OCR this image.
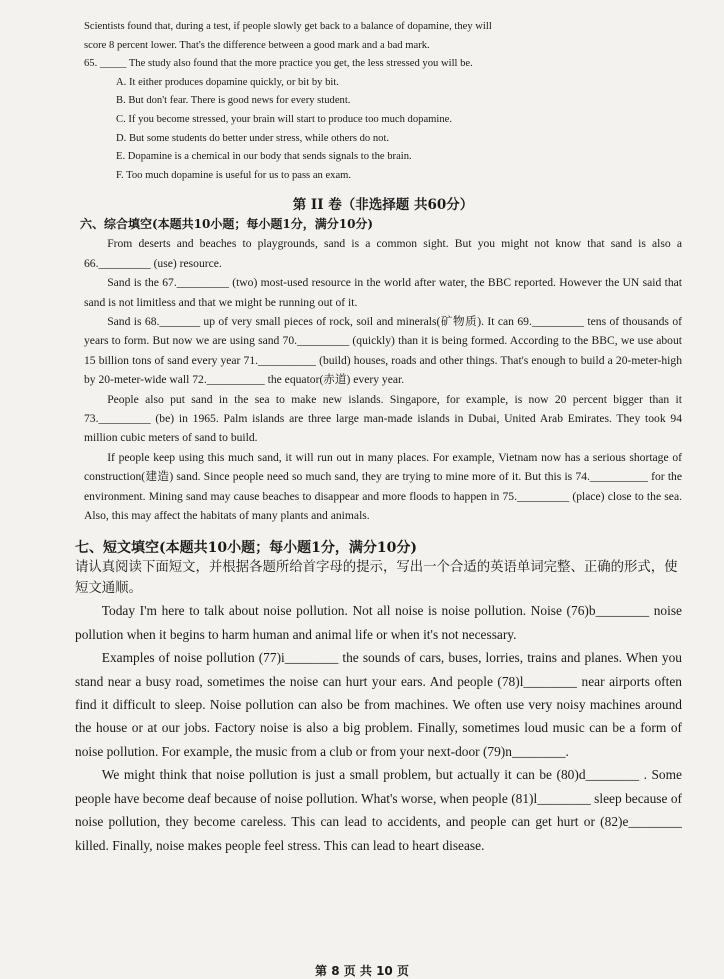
Scientists found that, during a test, if people slowly get back to a balance of dopamine, they will

score 8 percent lower. That's the difference between a good mark and a bad mark.

65. _____ The study also found that the more practice you get, the less stressed you will be.

A. It either produces dopamine quickly, or bit by bit.

B. But don't fear. There is good news for every student.

C. If you become stressed, your brain will start to produce too much dopamine.

D. But some students do better under stress, while others do not.

E. Dopamine is a chemical in our body that sends signals to the brain.

F. Too much dopamine is useful for us to pass an exam.

第 II 卷（非选择题 共60分）
六、综合填空(本题共10小题；每小题1分，满分10分)

From deserts and beaches to playgrounds, sand is a common sight. But you might not know that sand is also a 66._________ (use) resource.

Sand is the 67._________ (two) most-used resource in the world after water, the BBC reported. However the UN said that sand is not limitless and that we might be running out of it.

Sand is 68._______ up of very small pieces of rock, soil and minerals(矿物质). It can 69._________ tens of thousands of years to form. But now we are using sand 70._________ (quickly) than it is being formed. According to the BBC, we use about 15 billion tons of sand every year 71.__________ (build) houses, roads and other things. That's enough to build a 20-meter-high by 20-meter-wide wall 72.__________ the equator(赤道) every year.

People also put sand in the sea to make new islands. Singapore, for example, is now 20 percent bigger than it 73._________ (be) in 1965. Palm islands are three large man-made islands in Dubai, United Arab Emirates. They took 94 million cubic meters of sand to build.

If people keep using this much sand, it will run out in many places. For example, Vietnam now has a serious shortage of construction(建造) sand. Since people need so much sand, they are trying to mine more of it. But this is 74.__________ for the environment. Mining sand may cause beaches to disappear and more floods to happen in 75._________ (place) close to the sea. Also, this may affect the habitats of many plants and animals.

七、短文填空(本题共10小题；每小题1分，满分10分)
请认真阅读下面短文，并根据各题所给首字母的提示，写出一个合适的英语单词完整、正确的形式，使短文通顺。

Today I'm here to talk about noise pollution. Not all noise is noise pollution. Noise (76)b________ noise pollution when it begins to harm human and animal life or when it's not necessary.

Examples of noise pollution (77)i________ the sounds of cars, buses, lorries, trains and planes. When you stand near a busy road, sometimes the noise can hurt your ears. And people (78)l________ near airports often find it difficult to sleep. Noise pollution can also be from machines. We often use very noisy machines around the house or at our jobs. Factory noise is also a big problem. Finally, sometimes loud music can be a form of noise pollution. For example, the music from a club or from your next-door (79)n________.

We might think that noise pollution is just a small problem, but actually it can be (80)d________ . Some people have become deaf because of noise pollution. What's worse, when people (81)l________ sleep because of noise pollution, they become careless. This can lead to accidents, and people can get hurt or (82)e________ killed. Finally, noise makes people feel stress. This can lead to heart disease.

第 8 页 共 10 页
